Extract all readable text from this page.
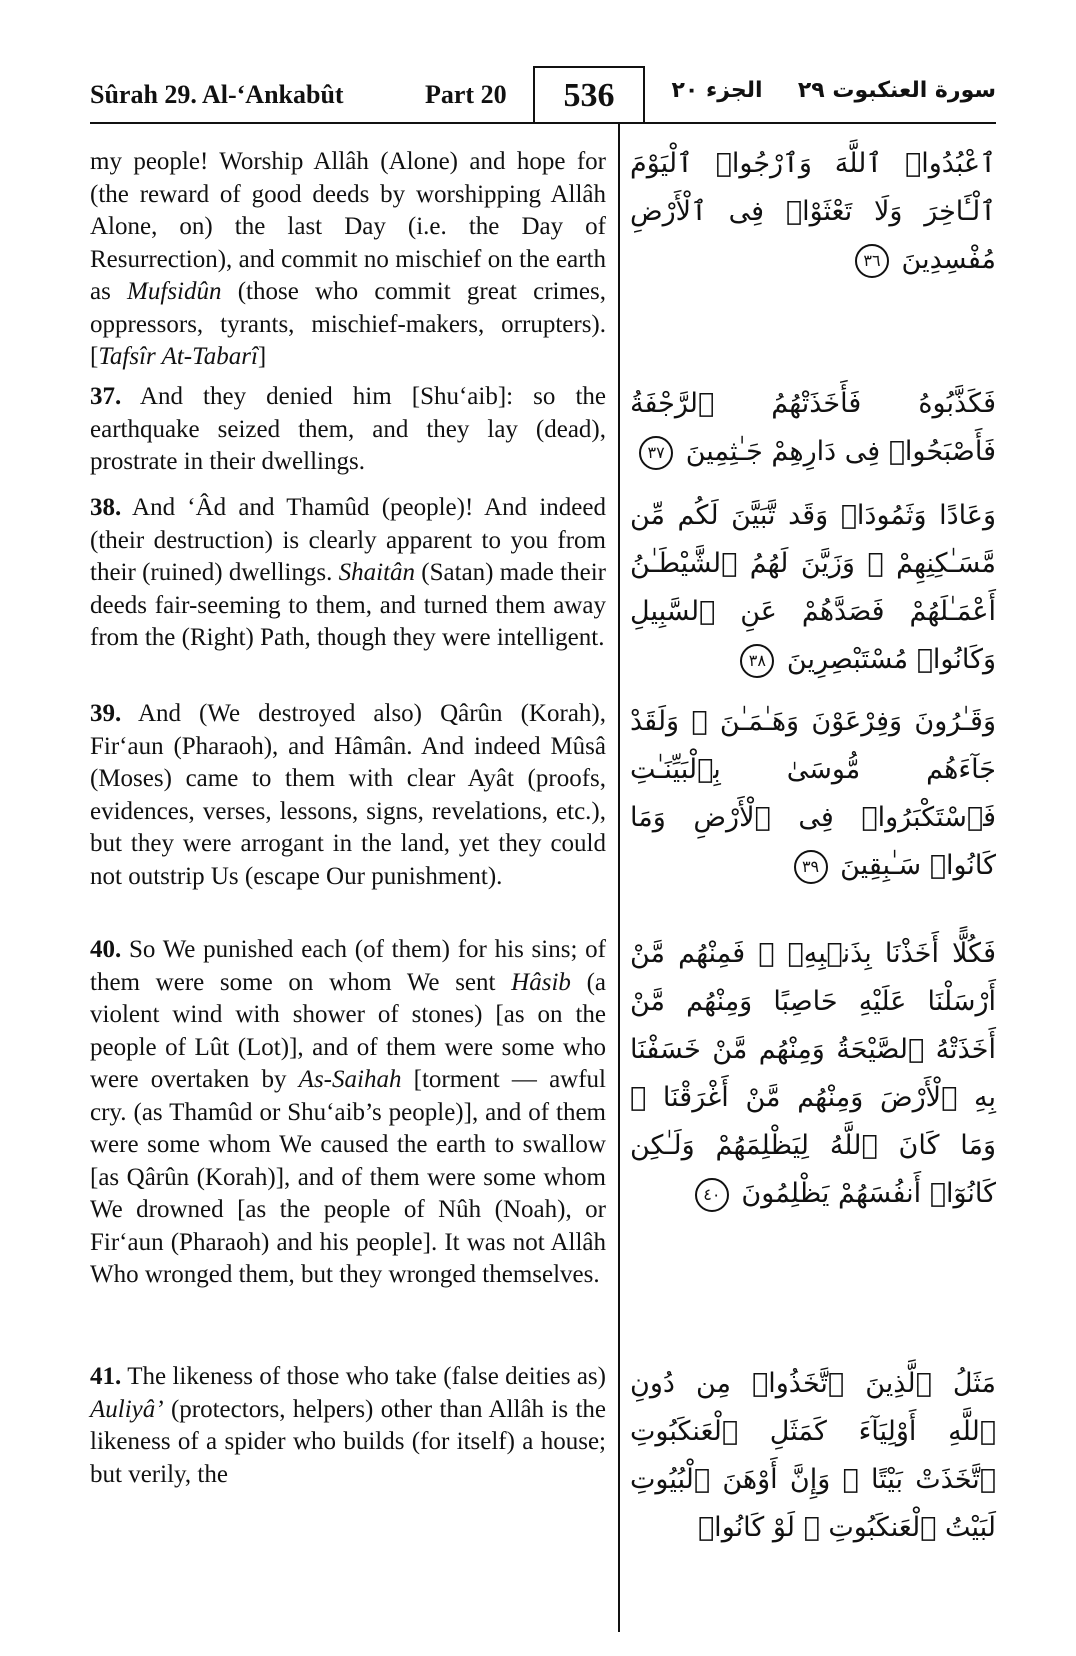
Sûrah 29. Al-‘Ankabût	Part 20	536	الجزء ٢٠	سورة العنكبوت ٢٩
my people! Worship Allâh (Alone) and hope for (the reward of good deeds by worshipping Allâh Alone, on) the last Day (i.e. the Day of Resurrection), and commit no mischief on the earth as Mufsidûn (those who commit great crimes, oppressors, tyrants, mischief-makers, orrupters). [Tafsîr At-Tabarî]
ٱعْبُدُوا۟ ٱللَّهَ وَٱرْجُوا۟ ٱلْيَوْمَ ٱلْـَٔاخِرَ وَلَا تَعْثَوْا۟ فِى ٱلْأَرْضِ مُفْسِدِينَ ٣٦
37. And they denied him [Shu‘aib]: so the earthquake seized them, and they lay (dead), prostrate in their dwellings.
فَكَذَّبُوهُ فَأَخَذَتْهُمُ ٱلرَّجْفَةُ فَأَصْبَحُوا۟ فِى دَارِهِمْ جَـٰثِمِينَ ٣٧
38. And ‘Âd and Thamûd (people)! And indeed (their destruction) is clearly apparent to you from their (ruined) dwellings. Shaitân (Satan) made their deeds fair-seeming to them, and turned them away from the (Right) Path, though they were intelligent.
وَعَادًا وَثَمُودَا۟ وَقَد تَّبَيَّنَ لَكُم مِّن مَّسَـٰكِنِهِمْ ۖ وَزَيَّنَ لَهُمُ ٱلشَّيْطَـٰنُ أَعْمَـٰلَهُمْ فَصَدَّهُمْ عَنِ ٱلسَّبِيلِ وَكَانُوا۟ مُسْتَبْصِرِينَ ٣٨
39. And (We destroyed also) Qârûn (Korah), Fir‘aun (Pharaoh), and Hâmân. And indeed Mûsâ (Moses) came to them with clear Ayât (proofs, evidences, verses, lessons, signs, revelations, etc.), but they were arrogant in the land, yet they could not outstrip Us (escape Our punishment).
وَقَـٰرُونَ وَفِرْعَوْنَ وَهَـٰمَـٰنَ ۖ وَلَقَدْ جَآءَهُم مُّوسَىٰ بِٱلْبَيِّنَـٰتِ فَٱسْتَكْبَرُوا۟ فِى ٱلْأَرْضِ وَمَا كَانُوا۟ سَـٰبِقِينَ ٣٩
40. So We punished each (of them) for his sins; of them were some on whom We sent Hâsib (a violent wind with shower of stones) [as on the people of Lût (Lot)], and of them were some who were overtaken by As-Saihah [torment — awful cry. (as Thamûd or Shu‘aib’s people)], and of them were some whom We caused the earth to swallow [as Qârûn (Korah)], and of them were some whom We drowned [as the people of Nûh (Noah), or Fir‘aun (Pharaoh) and his people]. It was not Allâh Who wronged them, but they wronged themselves.
فَكُلًّا أَخَذْنَا بِذَنۢبِهِۦ ۖ فَمِنْهُم مَّنْ أَرْسَلْنَا عَلَيْهِ حَاصِبًا وَمِنْهُم مَّنْ أَخَذَتْهُ ٱلصَّيْحَةُ وَمِنْهُم مَّنْ خَسَفْنَا بِهِ ٱلْأَرْضَ وَمِنْهُم مَّنْ أَغْرَقْنَا ۚ وَمَا كَانَ ٱللَّهُ لِيَظْلِمَهُمْ وَلَـٰكِن كَانُوٓا۟ أَنفُسَهُمْ يَظْلِمُونَ ٤٠
41. The likeness of those who take (false deities as) Auliyâ’ (protectors, helpers) other than Allâh is the likeness of a spider who builds (for itself) a house; but verily, the
مَثَلُ ٱلَّذِينَ ٱتَّخَذُوا۟ مِن دُونِ ٱللَّهِ أَوْلِيَآءَ كَمَثَلِ ٱلْعَنكَبُوتِ ٱتَّخَذَتْ بَيْتًا ۖ وَإِنَّ أَوْهَنَ ٱلْبُيُوتِ لَبَيْتُ ٱلْعَنكَبُوتِ ۖ لَوْ كَانُوا۟
